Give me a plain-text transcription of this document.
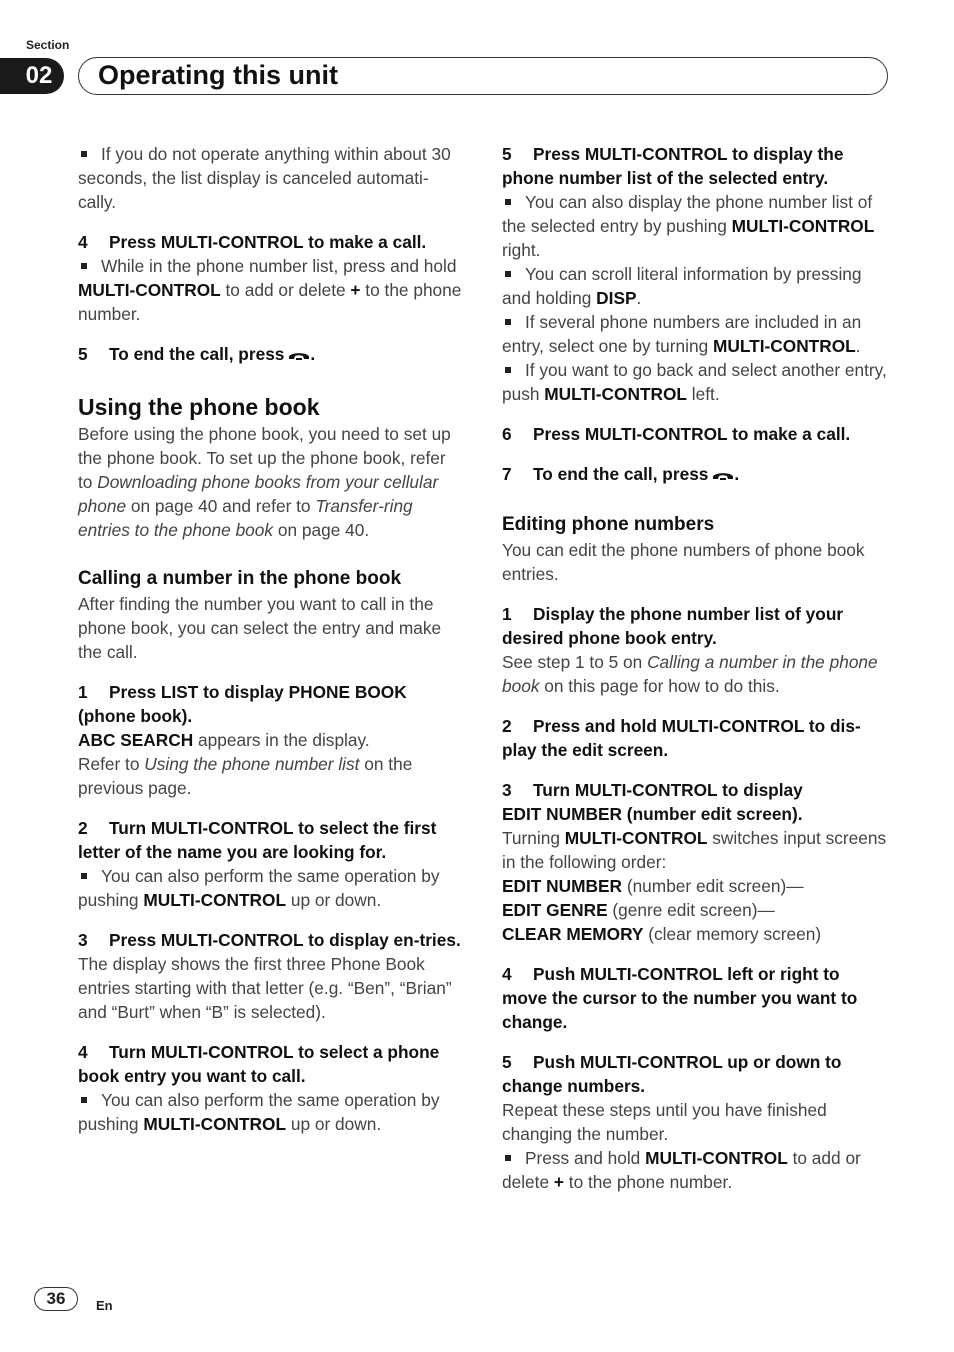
Section
02	Operating this unit

If you do not operate anything within about 30 seconds, the list display is canceled automati- cally.

4 Press MULTI-CONTROL to make a call.

While in the phone number list, press and hold MULTI-CONTROL to add or delete + to the phone number.

5 To end the call, press .

Using the phone book

Before using the phone book, you need to set up the phone book. To set up the phone book, refer to Downloading phone books from your cellular phone on page 40 and refer to Transfer-ring entries to the phone book on page 40.

Calling a number in the phone book

After finding the number you want to call in the phone book, you can select the entry and make the call.

1 Press LIST to display PHONE BOOK (phone book).

ABC SEARCH appears in the display.
Refer to Using the phone number list on the previous page.

2 Turn MULTI-CONTROL to select the first letter of the name you are looking for.

You can also perform the same operation by pushing MULTI-CONTROL up or down.

3 Press MULTI-CONTROL to display en-tries.

The display shows the first three Phone Book entries starting with that letter (e.g. “Ben”, “Brian” and “Burt” when “B” is selected).

4 Turn MULTI-CONTROL to select a phone book entry you want to call.

You can also perform the same operation by pushing MULTI-CONTROL up or down.

5 Press MULTI-CONTROL to display the phone number list of the selected entry.

You can also display the phone number list of the selected entry by pushing MULTI-CONTROL right.

You can scroll literal information by pressing and holding DISP.

If several phone numbers are included in an entry, select one by turning MULTI-CONTROL.

If you want to go back and select another entry, push MULTI-CONTROL left.

6 Press MULTI-CONTROL to make a call.

7 To end the call, press .

Editing phone numbers

You can edit the phone numbers of phone book entries.

1 Display the phone number list of your desired phone book entry.

See step 1 to 5 on Calling a number in the phone book on this page for how to do this.

2 Press and hold MULTI-CONTROL to dis-play the edit screen.

3 Turn MULTI-CONTROL to display
EDIT NUMBER (number edit screen).

Turning MULTI-CONTROL switches input screens in the following order:
EDIT NUMBER (number edit screen)—
EDIT GENRE (genre edit screen)—
CLEAR MEMORY (clear memory screen)

4 Push MULTI-CONTROL left or right to move the cursor to the number you want to change.

5 Push MULTI-CONTROL up or down to change numbers.

Repeat these steps until you have finished changing the number.

Press and hold MULTI-CONTROL to add or delete + to the phone number.

36	En
